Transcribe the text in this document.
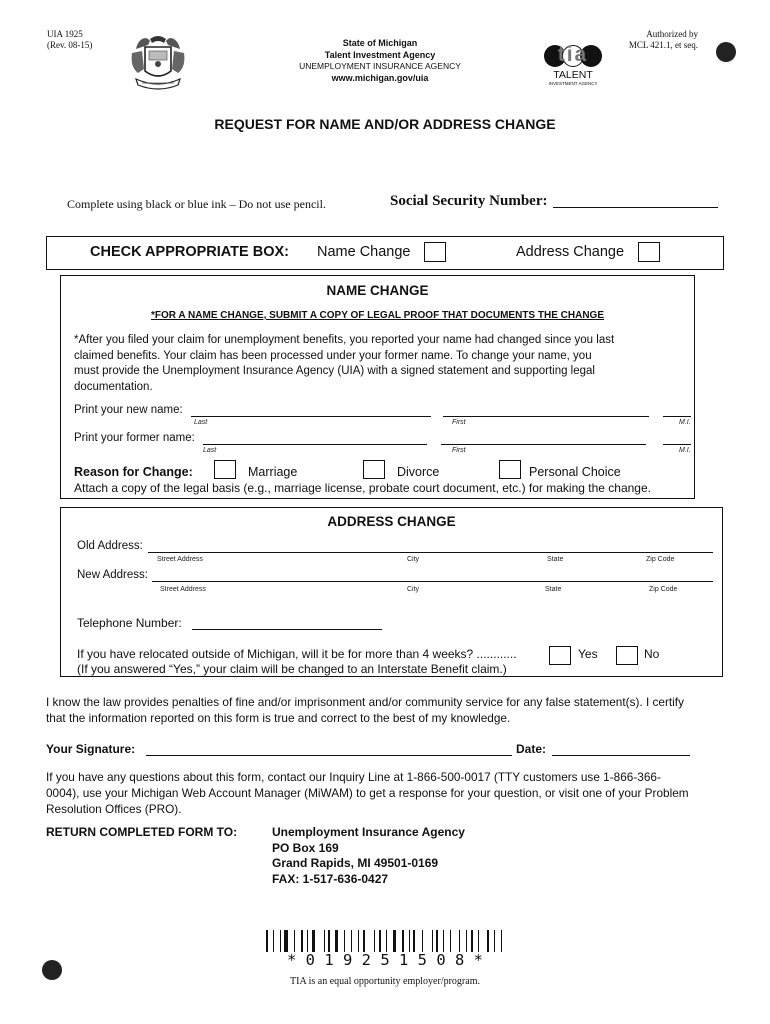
UIA 1925
(Rev. 08-15)	State of Michigan
Talent Investment Agency
UNEMPLOYMENT INSURANCE AGENCY
www.michigan.gov/uia
tia
TALENT
INVESTMENT AGENCY
Authorized by
MCL 421.1, et seq.
REQUEST FOR NAME AND/OR ADDRESS CHANGE
Complete using black or blue ink – Do not use pencil.	Social Security Number:
CHECK APPROPRIATE BOX: Name Change	Address Change
NAME CHANGE
*FOR A NAME CHANGE, SUBMIT A COPY OF LEGAL PROOF THAT DOCUMENTS THE CHANGE
*After you filed your claim for unemployment benefits, you reported your name had changed since you last
claimed benefits. Your claim has been processed under your former name. To change your name, you
must provide the Unemployment Insurance Agency (UIA) with a signed statement and supporting legal
documentation.
Print your new name:
Last	First	M.I.
Print your former name:
Last	First	M.I.
Reason for Change:	Marriage	Divorce	Personal Choice
Attach a copy of the legal basis (e.g., marriage license, probate court document, etc.) for making the change.
ADDRESS CHANGE
Old Address:
Street Address	City	State	Zip Code
New Address:
Street Address	City	State	Zip Code
Telephone Number:
If you have relocated outside of Michigan, will it be for more than 4 weeks? ............	Yes	No
(If you answered “Yes,” your claim will be changed to an Interstate Benefit claim.)
I know the law provides penalties of fine and/or imprisonment and/or community service for any false statement(s). I certify
that the information reported on this form is true and correct to the best of my knowledge.
Your Signature:	Date:
If you have any questions about this form, contact our Inquiry Line at 1-866-500-0017 (TTY customers use 1-866-366-
0004), use your Michigan Web Account Manager (MiWAM) to get a response for your question, or visit one of your Problem
Resolution Offices (PRO).
RETURN COMPLETED FORM TO:	Unemployment Insurance Agency
PO Box 169
Grand Rapids, MI 49501-0169
FAX: 1-517-636-0427
* 0 1 9 2 5 1 5 0 8 *
TIA is an equal opportunity employer/program.
